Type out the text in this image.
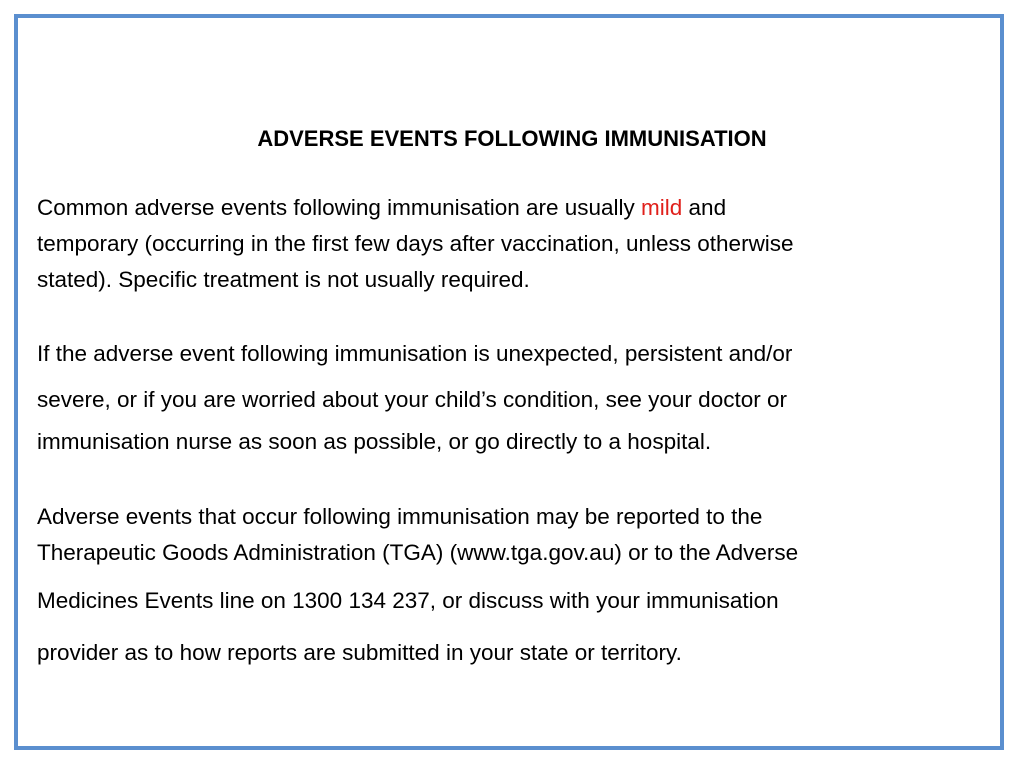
ADVERSE EVENTS FOLLOWING IMMUNISATION
Common adverse events following immunisation are usually mild and
temporary (occurring in the first few days after vaccination, unless otherwise
stated). Specific treatment is not usually required.
If the adverse event following immunisation is unexpected, persistent and/or
severe, or if you are worried about your child’s condition, see your doctor or
immunisation nurse as soon as possible, or go directly to a hospital.
Adverse events that occur following immunisation may be reported to the
Therapeutic Goods Administration (TGA) (www.tga.gov.au) or to the Adverse
Medicines Events line on 1300 134 237, or discuss with your immunisation
provider as to how reports are submitted in your state or territory.
